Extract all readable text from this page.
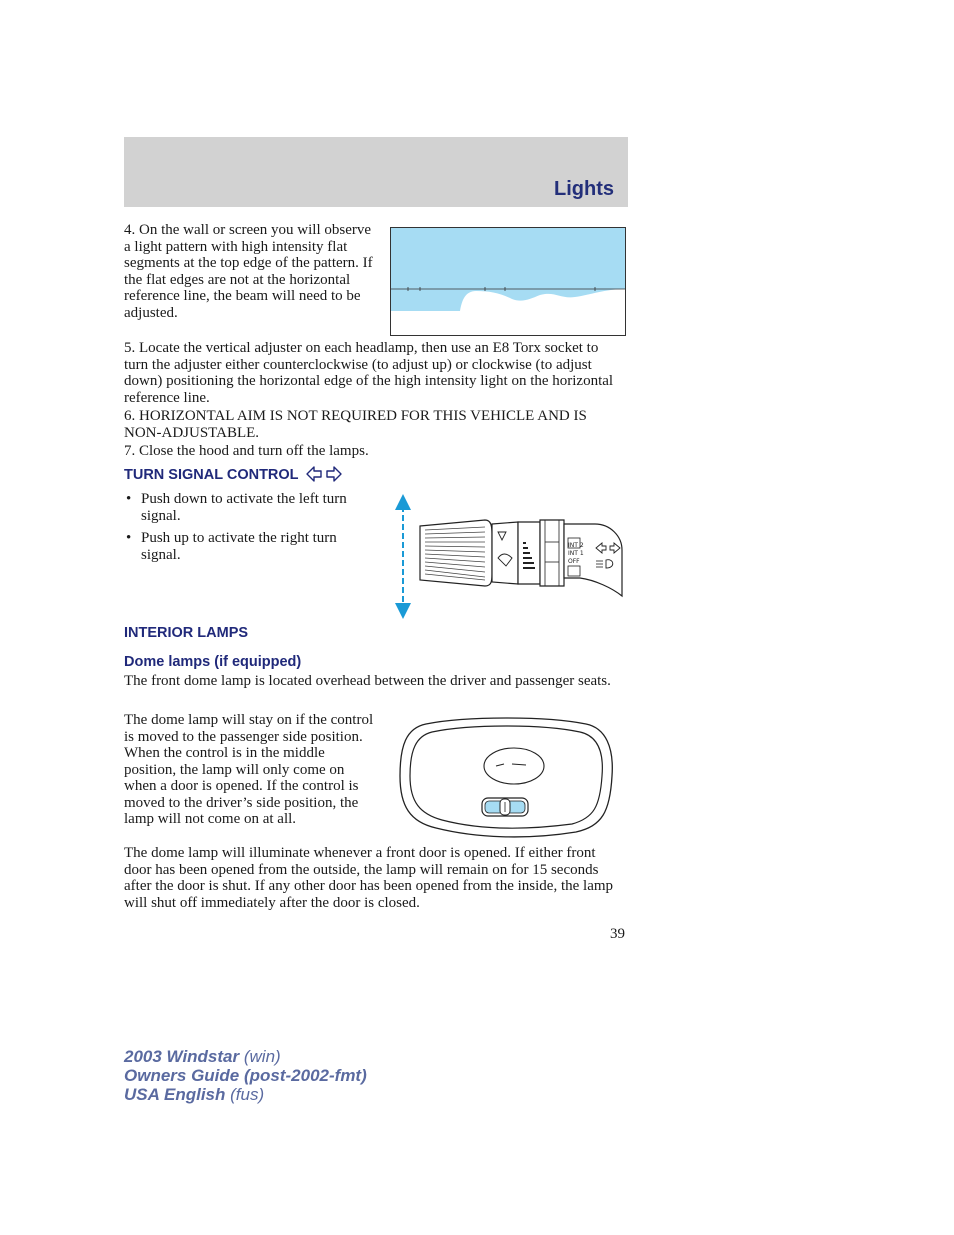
Lights
4. On the wall or screen you will observe a light pattern with high intensity flat segments at the top edge of the pattern. If the flat edges are not at the horizontal reference line, the beam will need to be adjusted.
5. Locate the vertical adjuster on each headlamp, then use an E8 Torx socket to turn the adjuster either counterclockwise (to adjust up) or clockwise (to adjust down) positioning the horizontal edge of the high intensity light on the horizontal reference line.
6. HORIZONTAL AIM IS NOT REQUIRED FOR THIS VEHICLE AND IS NON-ADJUSTABLE.
7. Close the hood and turn off the lamps.
TURN SIGNAL CONTROL
• Push down to activate the left turn signal.
• Push up to activate the right turn signal.
INT 2
INT 1
OFF
INTERIOR LAMPS
Dome lamps (if equipped)
The front dome lamp is located overhead between the driver and passenger seats.
The dome lamp will stay on if the control is moved to the passenger side position. When the control is in the middle position, the lamp will only come on when a door is opened. If the control is moved to the driver’s side position, the lamp will not come on at all.
The dome lamp will illuminate whenever a front door is opened. If either front door has been opened from the outside, the lamp will remain on for 15 seconds after the door is shut. If any other door has been opened from the inside, the lamp will shut off immediately after the door is closed.
39
2003 Windstar (win)
Owners Guide (post-2002-fmt)
USA English (fus)
